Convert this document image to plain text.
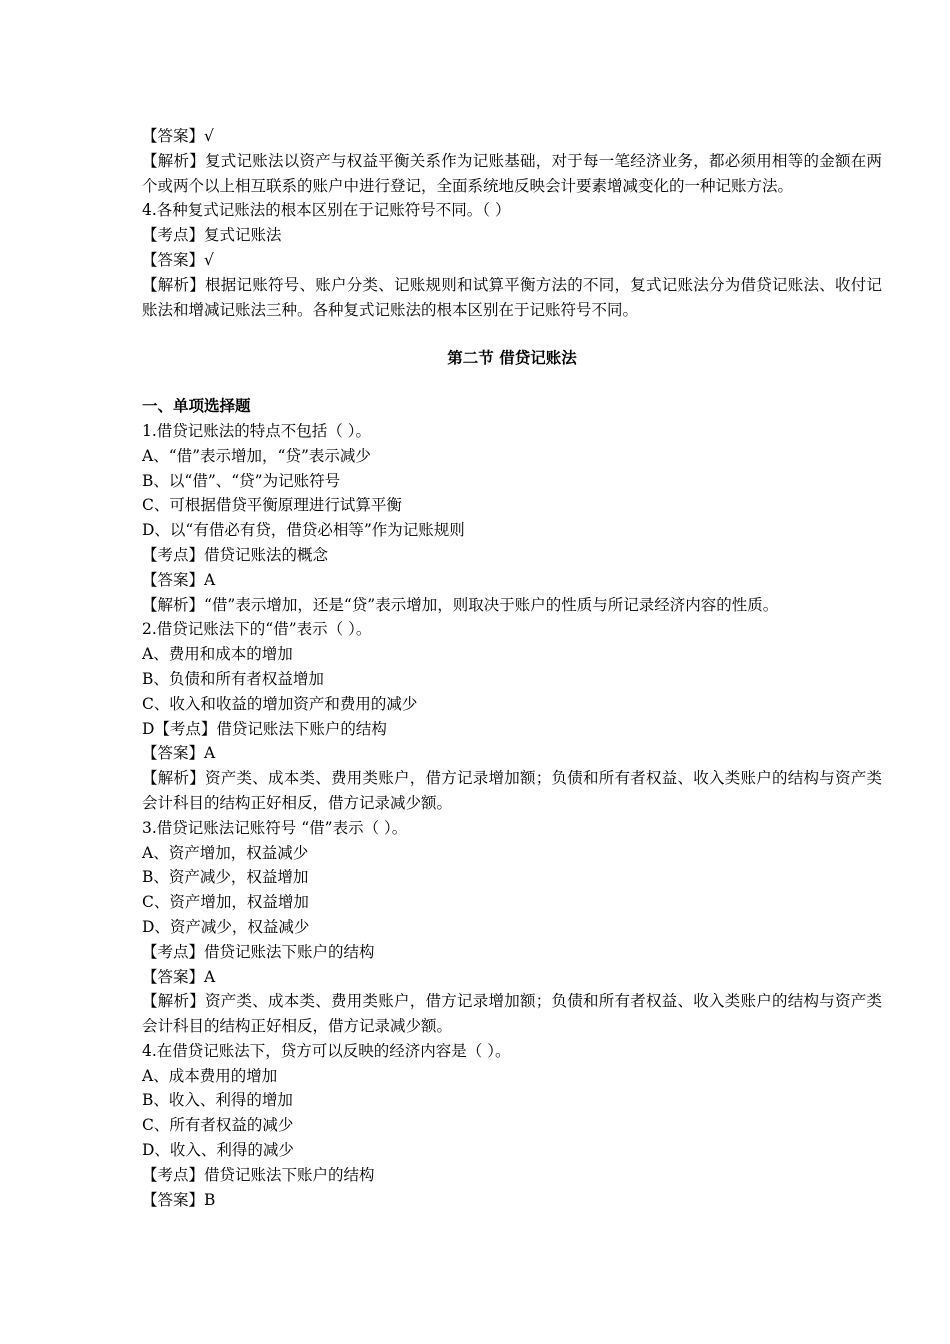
【答案】√
【解析】复式记账法以资产与权益平衡关系作为记账基础，对于每一笔经济业务，都必须用相等的金额在两个或两个以上相互联系的账户中进行登记，全面系统地反映会计要素增减变化的一种记账方法。
4.各种复式记账法的根本区别在于记账符号不同。（ ）
【考点】复式记账法
【答案】√
【解析】根据记账符号、账户分类、记账规则和试算平衡方法的不同，复式记账法分为借贷记账法、收付记账法和增减记账法三种。各种复式记账法的根本区别在于记账符号不同。
第二节 借贷记账法
一、单项选择题
1.借贷记账法的特点不包括（ ）。
A、“借”表示增加，“贷”表示减少
B、以“借”、“贷”为记账符号
C、可根据借贷平衡原理进行试算平衡
D、以“有借必有贷，借贷必相等”作为记账规则
【考点】借贷记账法的概念
【答案】A
【解析】“借”表示增加，还是“贷”表示增加，则取决于账户的性质与所记录经济内容的性质。
2.借贷记账法下的“借”表示（ ）。
A、费用和成本的增加
B、负债和所有者权益增加
C、收入和收益的增加资产和费用的减少
D【考点】借贷记账法下账户的结构
【答案】A
【解析】资产类、成本类、费用类账户，借方记录增加额；负债和所有者权益、收入类账户的结构与资产类会计科目的结构正好相反，借方记录减少额。
3.借贷记账法记账符号 “借”表示（ ）。
A、资产增加，权益减少
B、资产减少，权益增加
C、资产增加，权益增加
D、资产减少，权益减少
【考点】借贷记账法下账户的结构
【答案】A
【解析】资产类、成本类、费用类账户，借方记录增加额；负债和所有者权益、收入类账户的结构与资产类会计科目的结构正好相反，借方记录减少额。
4.在借贷记账法下，贷方可以反映的经济内容是（ ）。
A、成本费用的增加
B、收入、利得的增加
C、所有者权益的减少
D、收入、利得的减少
【考点】借贷记账法下账户的结构
【答案】B
